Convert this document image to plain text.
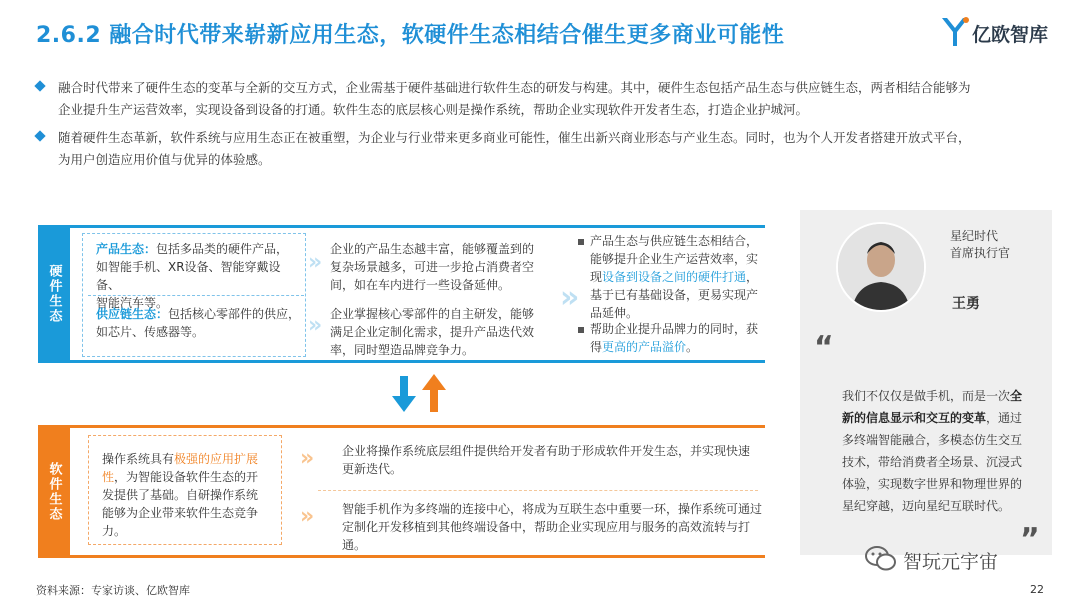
2.6.2 融合时代带来崭新应用生态，软硬件生态相结合催生更多商业可能性	亿欧智库
融合时代带来了硬件生态的变革与全新的交互方式，企业需基于硬件基础进行软件生态的研发与构建。其中，硬件生态包括产品生态与供应链生态，两者相结合能够为
企业提升生产运营效率，实现设备到设备的打通。软件生态的底层核心则是操作系统，帮助企业实现软件开发者生态，打造企业护城河。
随着硬件生态革新，软件系统与应用生态正在被重塑，为企业与行业带来更多商业可能性，催生出新兴商业形态与产业生态。同时，也为个人开发者搭建开放式平台，
为用户创造应用价值与优异的体验感。
硬件生态
产品生态：包括多品类的硬件产品，
如智能手机、XR设备、智能穿戴设备、
智能汽车等。
供应链生态：包括核心零部件的供应，
如芯片、传感器等。
»
»
企业的产品生态越丰富，能够覆盖到的
复杂场景越多，可进一步抢占消费者空
间，如在车内进行一些设备延伸。
企业掌握核心零部件的自主研发，能够
满足企业定制化需求，提升产品迭代效
率，同时塑造品牌竞争力。
»
产品生态与供应链生态相结合，
能够提升企业生产运营效率，实
现设备到设备之间的硬件打通，
基于已有基础设备，更易实现产
品延伸。
帮助企业提升品牌力的同时，获
得更高的产品溢价。
软件生态
操作系统具有极强的应用扩展
性，为智能设备软件生态的开
发提供了基础。自研操作系统
能够为企业带来软件生态竞争
力。
»
»
企业将操作系统底层组件提供给开发者有助于形成软件开发生态，并实现快速
更新迭代。
智能手机作为多终端的连接中心，将成为互联生态中重要一环，操作系统可通过
定制化开发移植到其他终端设备中，帮助企业实现应用与服务的高效流转与打通。
星纪时代
首席执行官
王勇
“
我们不仅仅是做手机，而是一次全
新的信息显示和交互的变革，通过
多终端智能融合，多模态仿生交互
技术，带给消费者全场景、沉浸式
体验，实现数字世界和物理世界的
星纪穿越，迈向星纪互联时代。
”
资料来源：专家访谈、亿欧智库
智玩元宇宙
22
